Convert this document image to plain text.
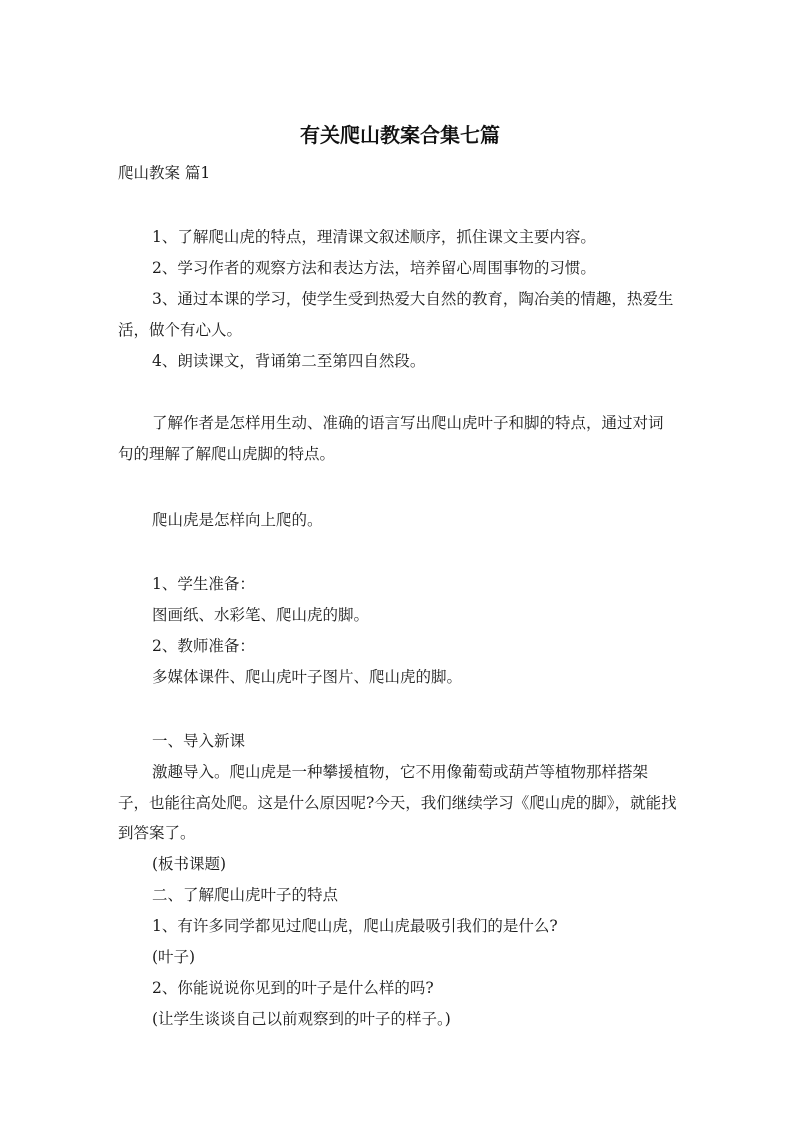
有关爬山教案合集七篇
爬山教案 篇1

1、了解爬山虎的特点，理清课文叙述顺序，抓住课文主要内容。

2、学习作者的观察方法和表达方法，培养留心周围事物的习惯。

3、通过本课的学习，使学生受到热爱大自然的教育，陶冶美的情趣，热爱生活，做个有心人。

4、朗读课文，背诵第二至第四自然段。

了解作者是怎样用生动、准确的语言写出爬山虎叶子和脚的特点，通过对词句的理解了解爬山虎脚的特点。

爬山虎是怎样向上爬的。

1、学生准备：

图画纸、水彩笔、爬山虎的脚。

2、教师准备：

多媒体课件、爬山虎叶子图片、爬山虎的脚。

一、导入新课

激趣导入。爬山虎是一种攀援植物，它不用像葡萄或葫芦等植物那样搭架子，也能往高处爬。这是什么原因呢?今天，我们继续学习《爬山虎的脚》，就能找到答案了。

(板书课题)

二、了解爬山虎叶子的特点

1、有许多同学都见过爬山虎，爬山虎最吸引我们的是什么?

(叶子)

2、你能说说你见到的叶子是什么样的吗?

(让学生谈谈自己以前观察到的叶子的样子。)
